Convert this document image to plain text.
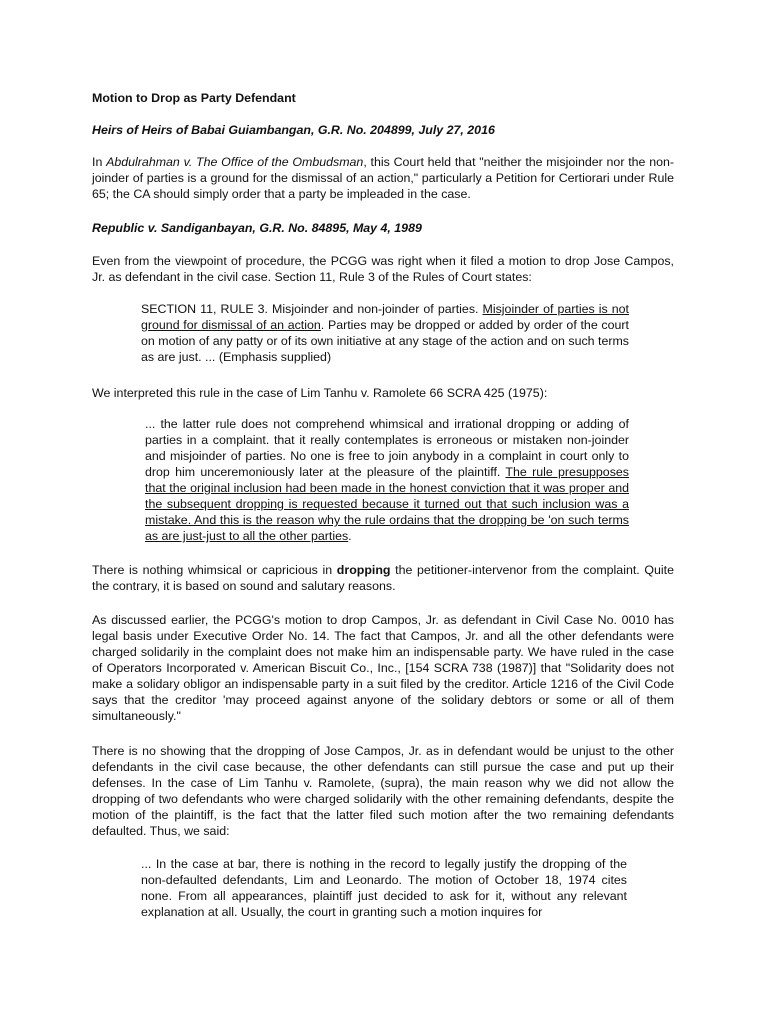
Motion to Drop as Party Defendant

Heirs of Heirs of Babai Guiambangan, G.R. No. 204899, July 27, 2016

In Abdulrahman v. The Office of the Ombudsman, this Court held that "neither the misjoinder nor the non-joinder of parties is a ground for the dismissal of an action," particularly a Petition for Certiorari under Rule 65; the CA should simply order that a party be impleaded in the case.

Republic v. Sandiganbayan, G.R. No. 84895, May 4, 1989

Even from the viewpoint of procedure, the PCGG was right when it filed a motion to drop Jose Campos, Jr. as defendant in the civil case. Section 11, Rule 3 of the Rules of Court states:

SECTION 11, RULE 3. Misjoinder and non-joinder of parties. Misjoinder of parties is not ground for dismissal of an action. Parties may be dropped or added by order of the court on motion of any patty or of its own initiative at any stage of the action and on such terms as are just. ... (Emphasis supplied)

We interpreted this rule in the case of Lim Tanhu v. Ramolete 66 SCRA 425 (1975):

... the latter rule does not comprehend whimsical and irrational dropping or adding of parties in a complaint. that it really contemplates is erroneous or mistaken non-joinder and misjoinder of parties. No one is free to join anybody in a complaint in court only to drop him unceremoniously later at the pleasure of the plaintiff. The rule presupposes that the original inclusion had been made in the honest conviction that it was proper and the subsequent dropping is requested because it turned out that such inclusion was a mistake. And this is the reason why the rule ordains that the dropping be 'on such terms as are just-just to all the other parties.

There is nothing whimsical or capricious in dropping the petitioner-intervenor from the complaint. Quite the contrary, it is based on sound and salutary reasons.

As discussed earlier, the PCGG's motion to drop Campos, Jr. as defendant in Civil Case No. 0010 has legal basis under Executive Order No. 14. The fact that Campos, Jr. and all the other defendants were charged solidarily in the complaint does not make him an indispensable party. We have ruled in the case of Operators Incorporated v. American Biscuit Co., Inc., [154 SCRA 738 (1987)] that "Solidarity does not make a solidary obligor an indispensable party in a suit filed by the creditor. Article 1216 of the Civil Code says that the creditor 'may proceed against anyone of the solidary debtors or some or all of them simultaneously."

There is no showing that the dropping of Jose Campos, Jr. as in defendant would be unjust to the other defendants in the civil case because, the other defendants can still pursue the case and put up their defenses. In the case of Lim Tanhu v. Ramolete, (supra), the main reason why we did not allow the dropping of two defendants who were charged solidarily with the other remaining defendants, despite the motion of the plaintiff, is the fact that the latter filed such motion after the two remaining defendants defaulted. Thus, we said:

... In the case at bar, there is nothing in the record to legally justify the dropping of the non-defaulted defendants, Lim and Leonardo. The motion of October 18, 1974 cites none. From all appearances, plaintiff just decided to ask for it, without any relevant explanation at all. Usually, the court in granting such a motion inquires for
